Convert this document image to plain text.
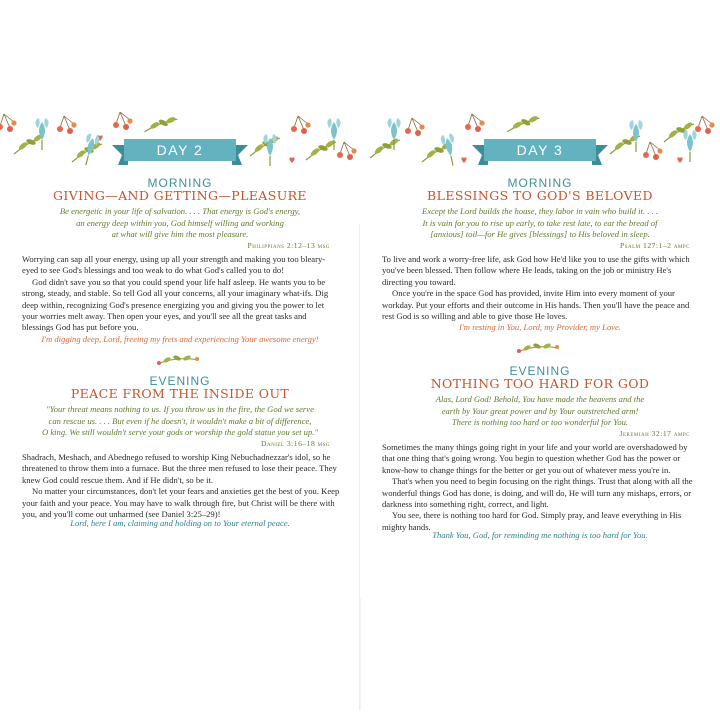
DAY 2
MORNING
GIVING—AND GETTING—PLEASURE
Be energetic in your life of salvation. . . . That energy is God's energy,
an energy deep within you, God himself willing and working
at what will give him the most pleasure.
Philippians 2:12–13 msg

Worrying can sap all your energy, using up all your strength and making you too bleary-eyed to see God's blessings and too weak to do what God's called you to do!

God didn't save you so that you could spend your life half asleep. He wants you to be strong, steady, and stable. So tell God all your concerns, all your imaginary what-ifs. Dig deep within, recognizing God's presence energizing you and giving you the power to let your worries melt away. Then open your eyes, and you'll see all the great tasks and blessings God has put before you.

I'm digging deep, Lord, freeing my frets and experiencing Your awesome energy!
EVENING
PEACE FROM THE INSIDE OUT
"Your threat means nothing to us. If you throw us in the fire, the God we serve
can rescue us. . . . But even if he doesn't, it wouldn't make a bit of difference,
O king. We still wouldn't serve your gods or worship the gold statue you set up."
Daniel 3:16–18 msg

Shadrach, Meshach, and Abednego refused to worship King Nebuchadnezzar's idol, so he threatened to throw them into a furnace. But the three men refused to lose their peace. They knew God could rescue them. And if He didn't, so be it.

No matter your circumstances, don't let your fears and anxieties get the best of you. Keep your faith and your peace. You may have to walk through fire, but Christ will be there with you, and you'll come out unharmed (see Daniel 3:25–29)!

Lord, here I am, claiming and holding on to Your eternal peace.
DAY 3
MORNING
BLESSINGS TO GOD'S BELOVED
Except the Lord builds the house, they labor in vain who build it. . . .
It is vain for you to rise up early, to take rest late, to eat the bread of
[anxious] toil—for He gives [blessings] to His beloved in sleep.
Psalm 127:1–2 ampc

To live and work a worry-free life, ask God how He'd like you to use the gifts with which you've been blessed. Then follow where He leads, taking on the job or ministry He's directing you toward.

Once you're in the space God has provided, invite Him into every moment of your workday. Put your efforts and their outcome in His hands. Then you'll have the peace and rest God is so willing and able to give those He loves.

I'm resting in You, Lord, my Provider, my Love.
EVENING
NOTHING TOO HARD FOR GOD
Alas, Lord God! Behold, You have made the heavens and the
earth by Your great power and by Your outstretched arm!
There is nothing too hard or too wonderful for You.
Jeremiah 32:17 ampc

Sometimes the many things going right in your life and your world are overshadowed by that one thing that's going wrong. You begin to question whether God has the power or know-how to change things for the better or get you out of whatever mess you're in.

That's when you need to begin focusing on the right things. Trust that along with all the wonderful things God has done, is doing, and will do, He will turn any mishaps, errors, or darkness into something right, correct, and light.

You see, there is nothing too hard for God. Simply pray, and leave everything in His mighty hands.

Thank You, God, for reminding me nothing is too hard for You.
